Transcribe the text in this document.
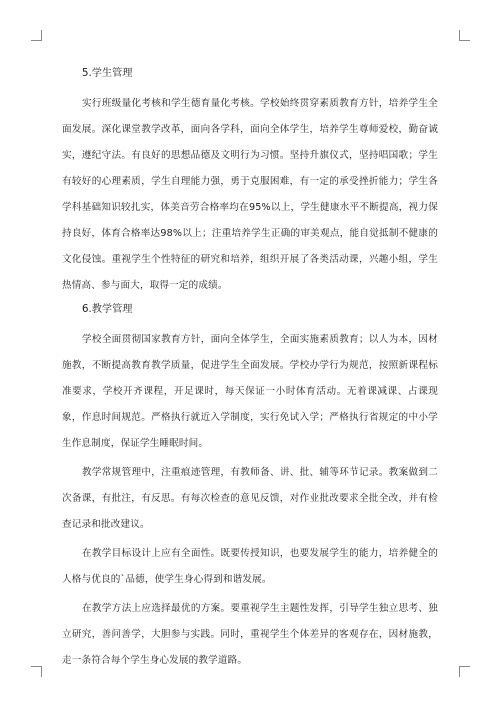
5.学生管理

实行班级量化考核和学生德育量化考核。学校始终贯穿素质教育方针，培养学生全面发展。深化课堂教学改革，面向各学科，面向全体学生，培养学生尊师爱校，勤奋诚实，遵纪守法。有良好的思想品德及文明行为习惯。坚持升旗仪式，坚持唱国歌；学生有较好的心理素质，学生自理能力强，勇于克服困难，有一定的承受挫折能力；学生各学科基础知识较扎实，体美音劳合格率均在95%以上，学生健康水平不断提高，视力保持良好，体育合格率达98%以上；注重培养学生正确的审美观点，能自觉抵制不健康的文化侵蚀。重视学生个性特征的研究和培养，组织开展了各类活动课，兴趣小组，学生热情高、参与面大，取得一定的成绩。

6.教学管理

学校全面贯彻国家教育方针，面向全体学生，全面实施素质教育；以人为本，因材施教，不断提高教育教学质量，促进学生全面发展。学校办学行为规范，按照新课程标准要求，学校开齐课程，开足课时，每天保证一小时体育活动。无着课减课、占课现象，作息时间规范。严格执行就近入学制度，实行免试入学；严格执行省规定的中小学生作息制度，保证学生睡眠时间。

教学常规管理中，注重痕迹管理，有教师备、讲、批、辅等环节记录。教案做到二次备课，有批注，有反思。有每次检查的意见反馈，对作业批改要求全批全改，并有检查记录和批改建议。

在教学目标设计上应有全面性。既要传授知识，也要发展学生的能力，培养健全的人格与优良的`品德，使学生身心得到和谐发展。

在教学方法上应选择最优的方案。要重视学生主题性发挥，引导学生独立思考、独立研究，善问善学，大胆参与实践。同时，重视学生个体差异的客观存在，因材施教，走一条符合每个学生身心发展的教学道路。
